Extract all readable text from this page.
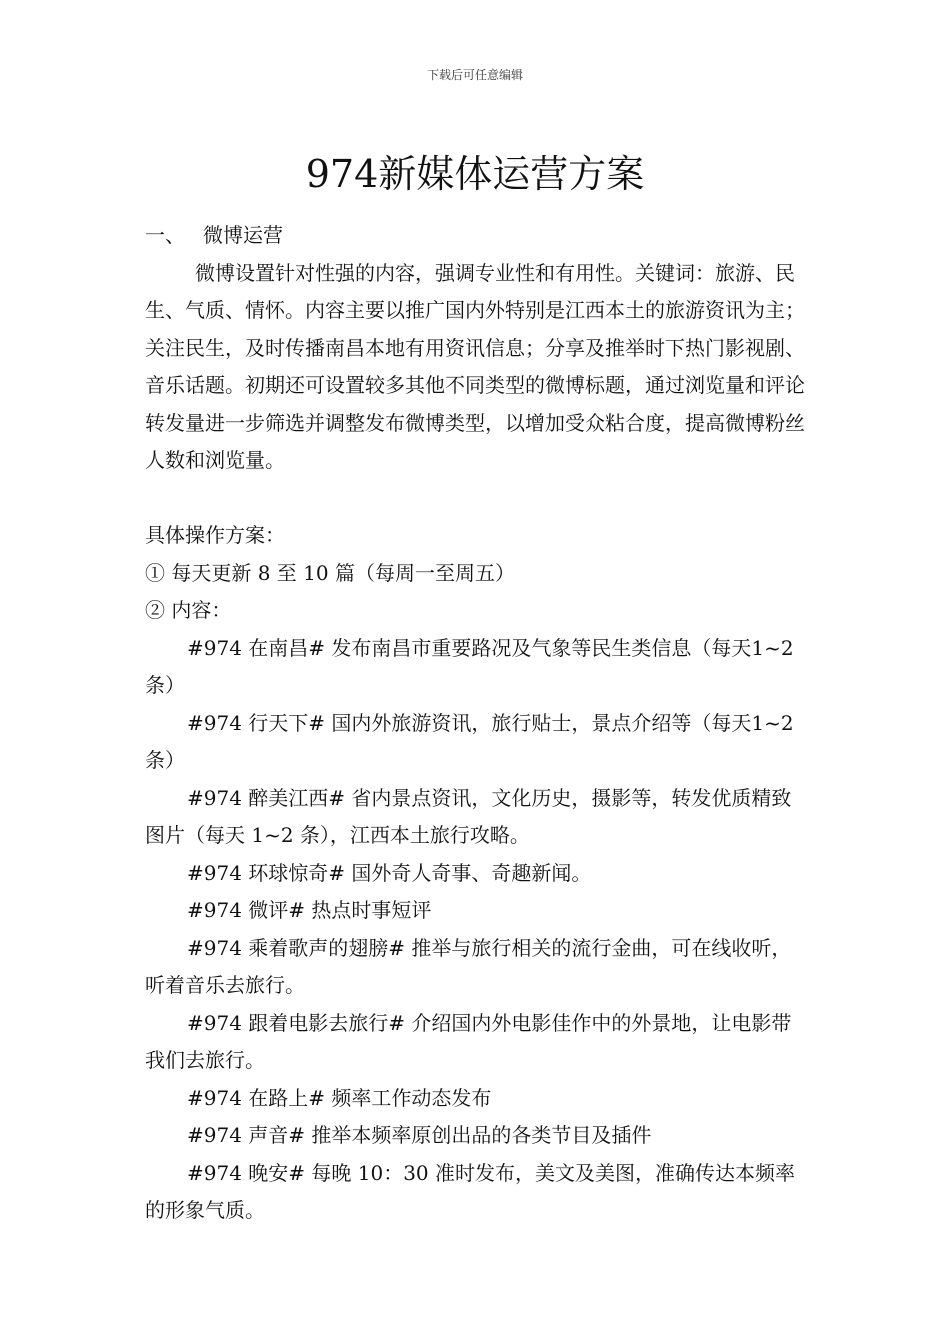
下载后可任意编辑
974新媒体运营方案
一、 微博运营

微博设置针对性强的内容，强调专业性和有用性。关键词：旅游、民生、气质、情怀。内容主要以推广国内外特别是江西本土的旅游资讯为主；关注民生，及时传播南昌本地有用资讯信息；分享及推举时下热门影视剧、音乐话题。初期还可设置较多其他不同类型的微博标题，通过浏览量和评论转发量进一步筛选并调整发布微博类型，以增加受众粘合度，提高微博粉丝人数和浏览量。

具体操作方案：

① 每天更新 8 至 10 篇（每周一至周五）

② 内容：

#974 在南昌# 发布南昌市重要路况及气象等民生类信息（每天1~2 条）

#974 行天下# 国内外旅游资讯，旅行贴士，景点介绍等（每天1~2 条）

#974 醉美江西# 省内景点资讯，文化历史，摄影等，转发优质精致图片（每天 1~2 条），江西本土旅行攻略。

#974 环球惊奇# 国外奇人奇事、奇趣新闻。

#974 微评# 热点时事短评

#974 乘着歌声的翅膀# 推举与旅行相关的流行金曲，可在线收听，听着音乐去旅行。

#974 跟着电影去旅行# 介绍国内外电影佳作中的外景地，让电影带我们去旅行。

#974 在路上# 频率工作动态发布

#974 声音# 推举本频率原创出品的各类节目及插件

#974 晚安# 每晚 10：30 准时发布，美文及美图，准确传达本频率的形象气质。
